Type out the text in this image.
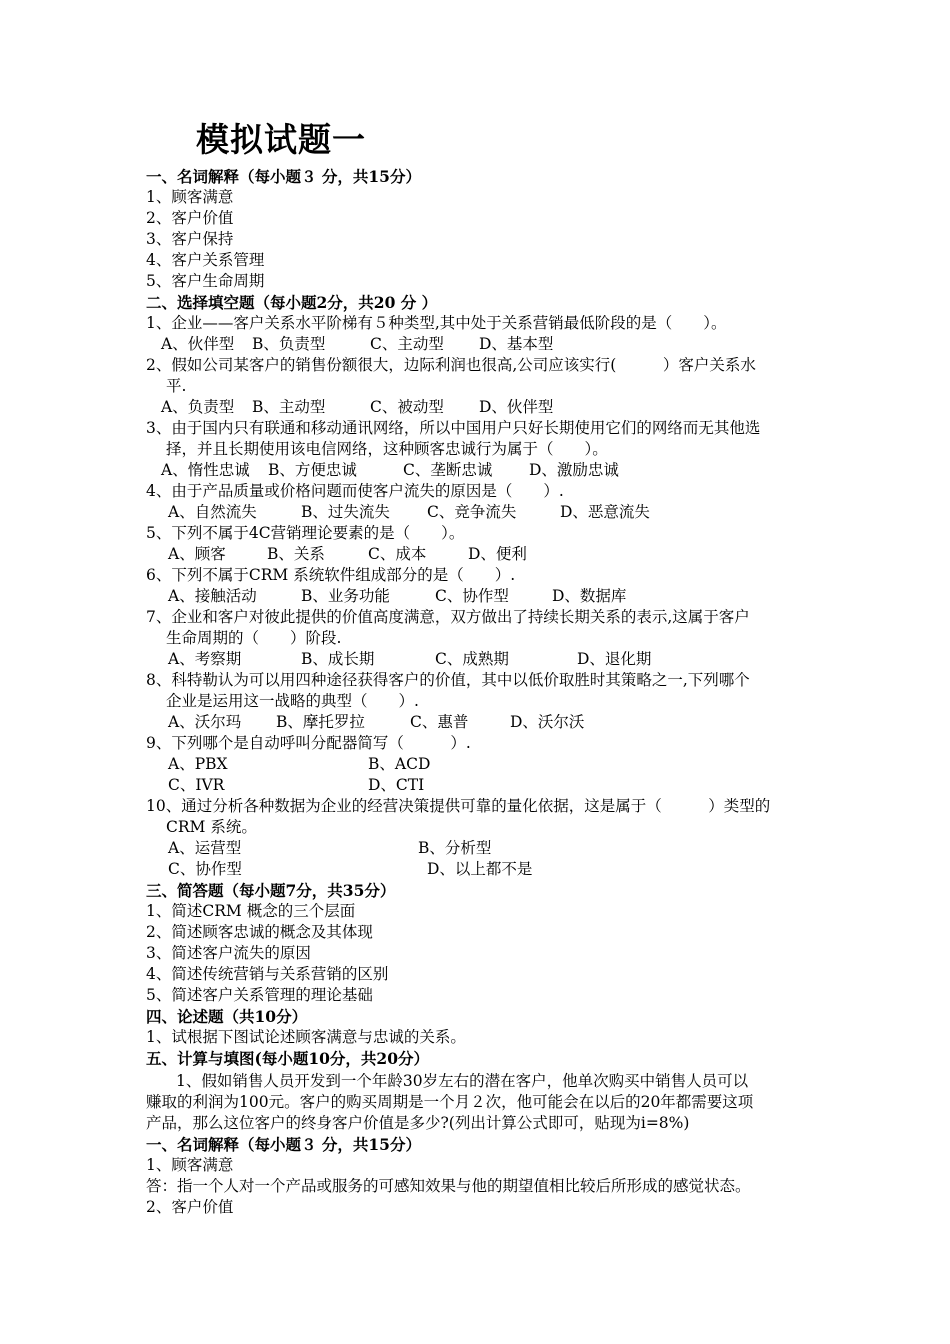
模拟试题一
一、名词解释（每小题３ 分，共15分）
1、顾客满意
2、客户价值
3、客户保持
4、客户关系管理
5、客户生命周期
二、选择填空题（每小题2分，共20 分 ）
1、企业——客户关系水平阶梯有５种类型,其中处于关系营销最低阶段的是（　　）。
A、伙伴型 B、负责型	C、主动型 D、基本型
2、假如公司某客户的销售份额很大，边际利润也很高,公司应该实行(　　　）客户关系水
平.
A、负责型 B、主动型	C、被动型 D、伙伴型
3、由于国内只有联通和移动通讯网络，所以中国用户只好长期使用它们的网络而无其他选
择，并且长期使用该电信网络，这种顾客忠诚行为属于（　　）。
A、惰性忠诚 B、方便忠诚	C、垄断忠诚 D、激励忠诚
4、由于产品质量或价格问题而使客户流失的原因是（　　）.
A、自然流失	B、过失流失 C、竞争流失	D、恶意流失
5、下列不属于4C营销理论要素的是（　　）。
A、顾客	B、关系	C、成本	D、便利
6、下列不属于CRM 系统软件组成部分的是（　　）.
A、接触活动	B、业务功能	C、协作型	D、数据库
7、企业和客户对彼此提供的价值高度满意，双方做出了持续长期关系的表示,这属于客户
生命周期的（　　）阶段.
A、考察期	B、成长期	C、成熟期	D、退化期
8、科特勒认为可以用四种途径获得客户的价值，其中以低价取胜时其策略之一,下列哪个
企业是运用这一战略的典型（　　）.
A、沃尔玛 B、摩托罗拉	C、惠普	D、沃尔沃
9、下列哪个是自动呼叫分配器简写（　　　）.
A、PBX	B、ACD
C、IVR	D、CTI
10、通过分析各种数据为企业的经营决策提供可靠的量化依据，这是属于（　　　）类型的
CRM 系统。
A、运营型	B、分析型
C、协作型	D、以上都不是
三、简答题（每小题7分，共35分）
1、简述CRM 概念的三个层面
2、简述顾客忠诚的概念及其体现
3、简述客户流失的原因
4、简述传统营销与关系营销的区别
5、简述客户关系管理的理论基础
四、论述题（共10分）
1、试根据下图试论述顾客满意与忠诚的关系。
五、计算与填图(每小题10分，共20分）
1、假如销售人员开发到一个年龄30岁左右的潜在客户，他单次购买中销售人员可以
赚取的利润为100元。客户的购买周期是一个月２次，他可能会在以后的20年都需要这项
产品，那么这位客户的终身客户价值是多少?(列出计算公式即可，贴现为i=8%)
一、名词解释（每小题３ 分，共15分）
1、顾客满意
答：指一个人对一个产品或服务的可感知效果与他的期望值相比较后所形成的感觉状态。
2、客户价值
